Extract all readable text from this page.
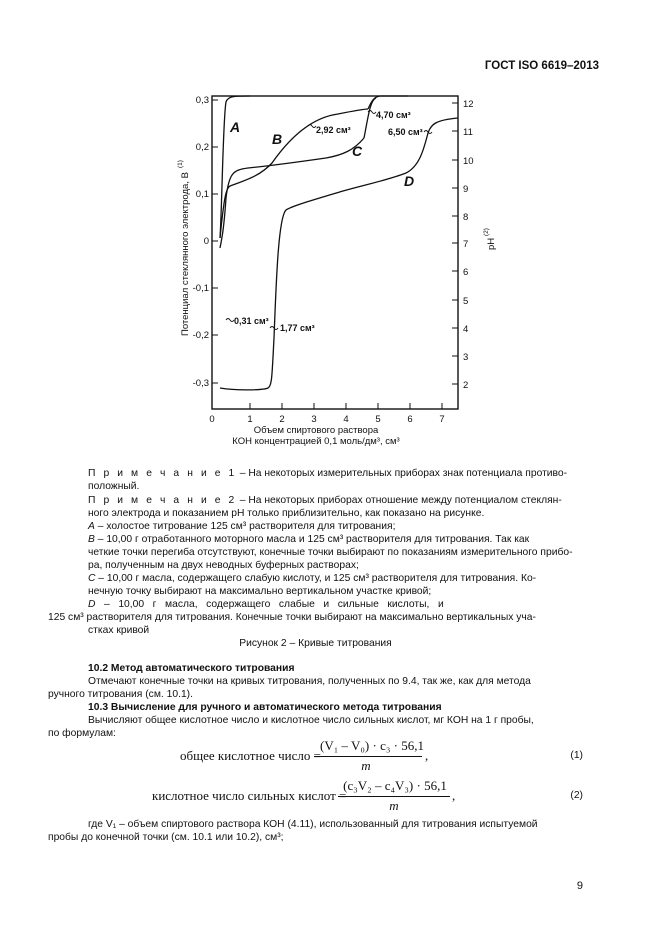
ГОСТ ISO 6619–2013
0,3
0,2
0,1
0
-0,1
-0,2
-0,3
12
11
10
9
8
7
6
5
4
3
2
0	1	2	3	4	5	6	7
Объем спиртового раствора
КОН концентрацией 0,1 моль/дм³, см³
Потенциал стеклянного электрода, В
(1)
pH
(2)
A
B
C
D
4,70 см³
2,92 см³	6,50 см³
0,31 см³
1,77 см³
П р и м е ч а н и е 1 – На некоторых измерительных приборах знак потенциала противо-
положный.
П р и м е ч а н и е 2 – На некоторых приборах отношение между потенциалом стеклян-
ного электрода и показанием pH только приблизительно, как показано на рисунке.
A – холостое титрование 125 см³ растворителя для титрования;
B – 10,00 г отработанного моторного масла и 125 см³ растворителя для титрования. Так как
четкие точки перегиба отсутствуют, конечные точки выбирают по показаниям измерительного прибо-
ра, полученным на двух неводных буферных растворах;
C – 10,00 г масла, содержащего слабую кислоту, и 125 см³ растворителя для титрования. Ко-
нечную точку выбирают на максимально вертикальном участке кривой;
D   –   10,00   г   масла,   содержащего   слабые   и   сильные   кислоты,   и
125 см³ растворителя для титрования. Конечные точки выбирают на максимально вертикальных уча-
стках кривой
Рисунок 2 – Кривые титрования
10.2 Метод автоматического титрования
Отмечают конечные точки на кривых титрования, полученных по 9.4, так же, как для метода
ручного титрования (см. 10.1).
10.3 Вычисление для ручного и автоматического метода титрования
Вычисляют общее кислотное число и кислотное число сильных кислот, мг КОН на 1 г пробы,
по формулам:
общее кислотное число =
(V₁ – V₀) · c₃ · 56,1
m
,	(1)
кислотное число сильных кислот =
(c₃V₂ – c₄V₃) · 56,1
m
,	(2)
где V₁ – объем спиртового раствора КОН (4.11), использованный для титрования испытуемой
пробы до конечной точки (см. 10.1 или 10.2), см³;
9
